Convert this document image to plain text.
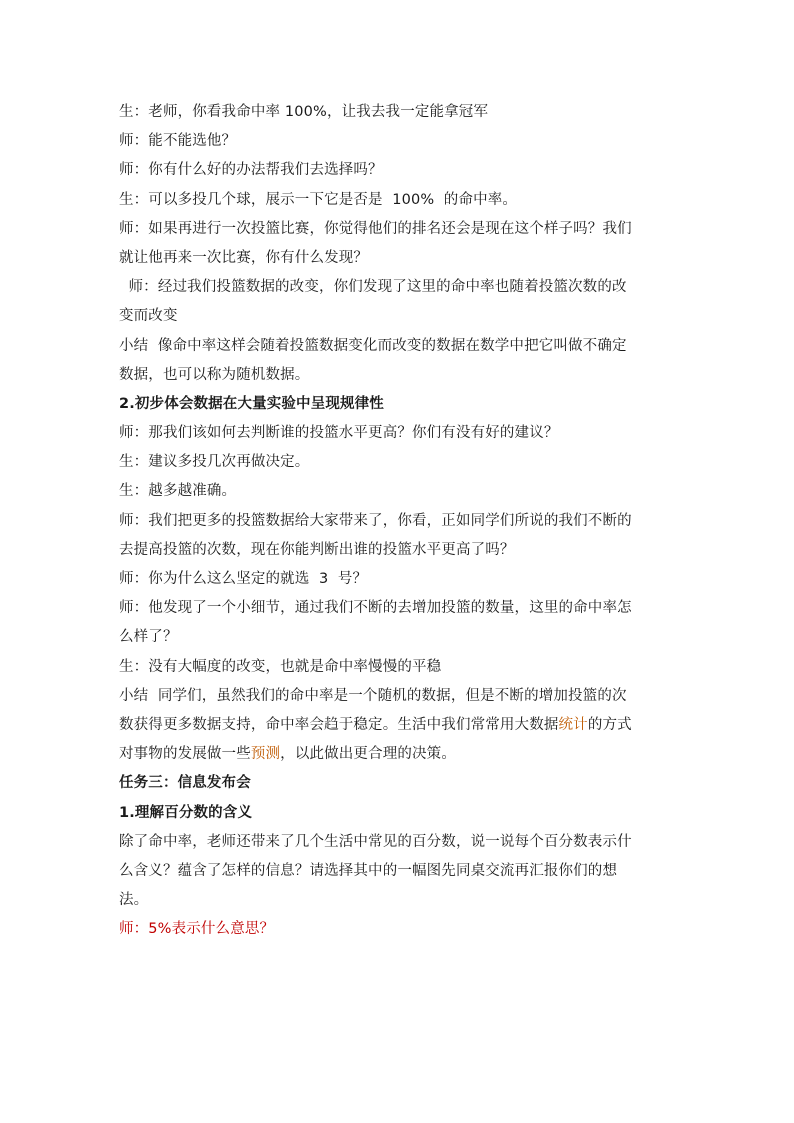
生：老师，你看我命中率 100%，让我去我一定能拿冠军
师：能不能选他？
师：你有什么好的办法帮我们去选择吗？
生：可以多投几个球，展示一下它是否是  100%  的命中率。
师：如果再进行一次投篮比赛，你觉得他们的排名还会是现在这个样子吗？我们
就让他再来一次比赛，你有什么发现？
师：经过我们投篮数据的改变，你们发现了这里的命中率也随着投篮次数的改
变而改变
小结  像命中率这样会随着投篮数据变化而改变的数据在数学中把它叫做不确定
数据，也可以称为随机数据。
2.初步体会数据在大量实验中呈现规律性
师：那我们该如何去判断谁的投篮水平更高？你们有没有好的建议？
生：建议多投几次再做决定。
生：越多越准确。
师：我们把更多的投篮数据给大家带来了，你看，正如同学们所说的我们不断的
去提高投篮的次数，现在你能判断出谁的投篮水平更高了吗？
师：你为什么这么坚定的就选  3  号？
师：他发现了一个小细节，通过我们不断的去增加投篮的数量，这里的命中率怎
么样了？
生：没有大幅度的改变，也就是命中率慢慢的平稳
小结  同学们，虽然我们的命中率是一个随机的数据，但是不断的增加投篮的次
数获得更多数据支持，命中率会趋于稳定。生活中我们常常用大数据统计的方式
对事物的发展做一些预测，以此做出更合理的决策。
任务三：信息发布会
1.理解百分数的含义
除了命中率，老师还带来了几个生活中常见的百分数，说一说每个百分数表示什
么含义？蕴含了怎样的信息？请选择其中的一幅图先同桌交流再汇报你们的想
法。
师：5%表示什么意思？
